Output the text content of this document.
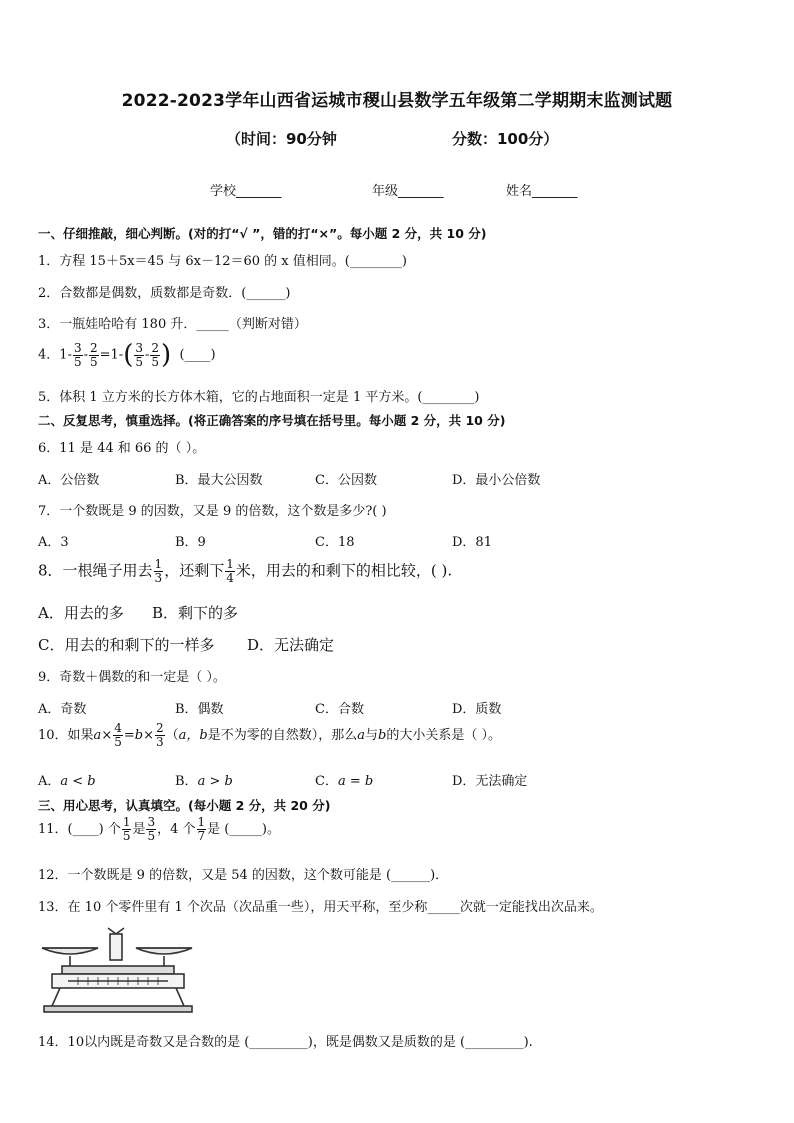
2022-2023学年山西省运城市稷山县数学五年级第二学期期末监测试题
（时间：90分钟	分数：100分）
学校_______	年级_______	姓名_______
一、仔细推敲，细心判断。(对的打“√ ”，错的打“×”。每小题 2 分，共 10 分)
1．方程 15＋5x＝45 与 6x－12＝60 的 x 值相同。(________)
2．合数都是偶数，质数都是奇数．(______)
3．一瓶娃哈哈有 180 升．_____（判断对错）
4．$1- \frac{3}{5} - \frac{2}{5} =1-( \frac{3}{5} - \frac{2}{5}$ ) (____)
5．体积 1 立方米的长方体木箱，它的占地面积一定是 1 平方米。(________)
二、反复思考，慎重选择。(将正确答案的序号填在括号里。每小题 2 分，共 10 分)
6．11 是 44 和 66 的（ ）。
A．公倍数	B．最大公因数	C．公因数	D．最小公倍数
7．一个数既是 9 的因数，又是 9 的倍数，这个数是多少?( )
A．3	B．9	C．18	D．81
8．一根绳子用去 $\frac{1}{3}$ ，还剩下 $\frac{1}{4}$ 米，用去的和剩下的相比较，( ).
A．用去的多 B．剩下的多
C．用去的和剩下的一样多 D．无法确定
9．奇数＋偶数的和一定是（ ）。
A．奇数	B．偶数	C．合数	D．质数
10．如果$a\times \frac{4}{5} =b\times \frac{2}{3} (a$，b是不为零的自然数），那么a与b的大小关系是（ ）。
A．a < b	B．a > b	C．a = b	D．无法确定
三、用心思考，认真填空。(每小题 2 分，共 20 分)
11．(____) 个 $\frac{1}{5}$ 是 $\frac{3}{5}$ ，4 个 $\frac{1}{7}$ 是 (_____)。
12．一个数既是 9 的倍数，又是 54 的因数，这个数可能是 (______)．
13．在 10 个零件里有 1 个次品（次品重一些），用天平称，至少称_____次就一定能找出次品来。
14．10以内既是奇数又是合数的是 (_________)，既是偶数又是质数的是 (_________).
